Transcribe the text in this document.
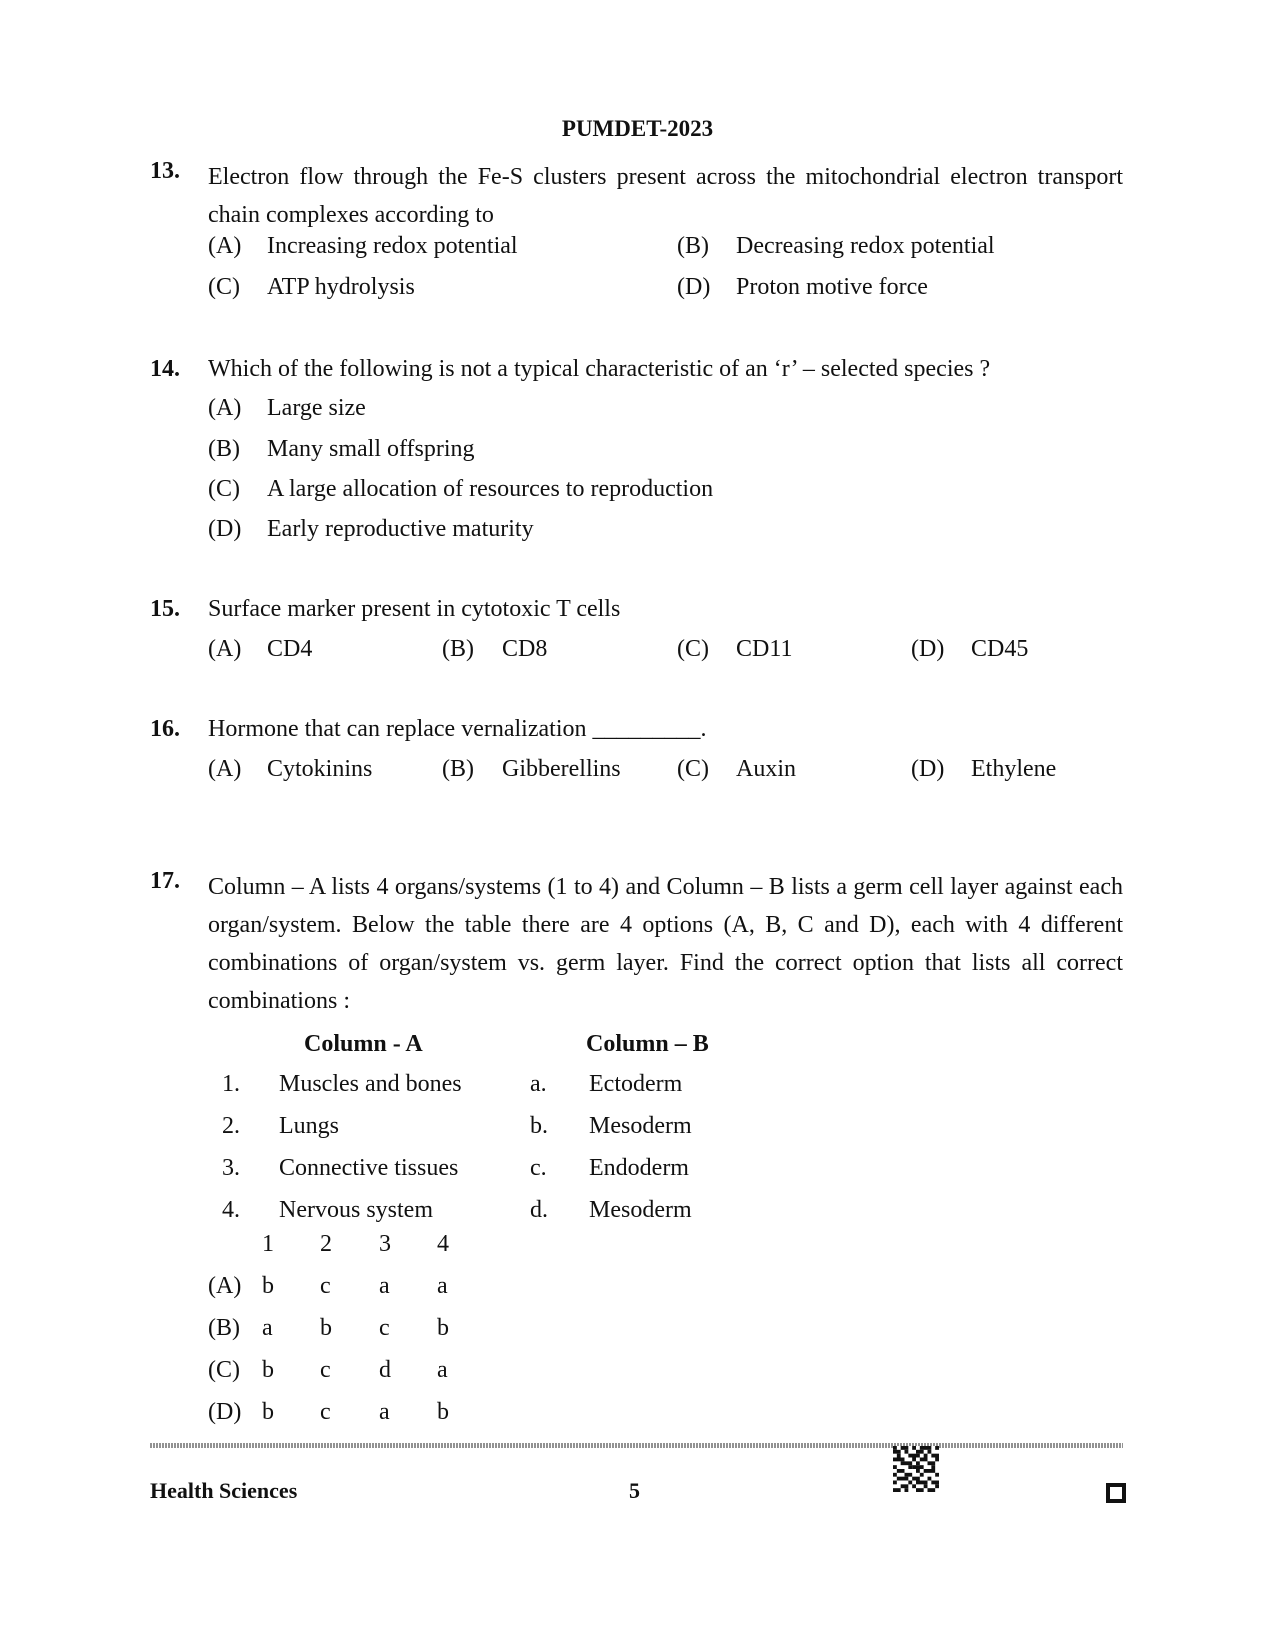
PUMDET-2023
13. Electron flow through the Fe-S clusters present across the mitochondrial electron transport chain complexes according to
(A) Increasing redox potential	(B) Decreasing redox potential
(C) ATP hydrolysis	(D) Proton motive force
14. Which of the following is not a typical characteristic of an ‘r’ – selected species ?
(A) Large size
(B) Many small offspring
(C) A large allocation of resources to reproduction
(D) Early reproductive maturity
15. Surface marker present in cytotoxic T cells
(A) CD4	(B) CD8	(C) CD11	(D) CD45
16. Hormone that can replace vernalization _________.
(A) Cytokinins	(B) Gibberellins (C) Auxin	(D) Ethylene
17. Column – A lists 4 organs/systems (1 to 4) and Column – B lists a germ cell layer against each organ/system. Below the table there are 4 options (A, B, C and D), each with 4 different combinations of organ/system vs. germ layer. Find the correct option that lists all correct combinations :
Column - A	Column – B
1. Muscles and bones	a. Ectoderm
2. Lungs	b. Mesoderm
3. Connective tissues	c. Endoderm
4. Nervous system	d. Mesoderm
1 2 3 4
(A) b c a a
(B) a b c b
(C) b c d a
(D) b c a b
Health Sciences	5
